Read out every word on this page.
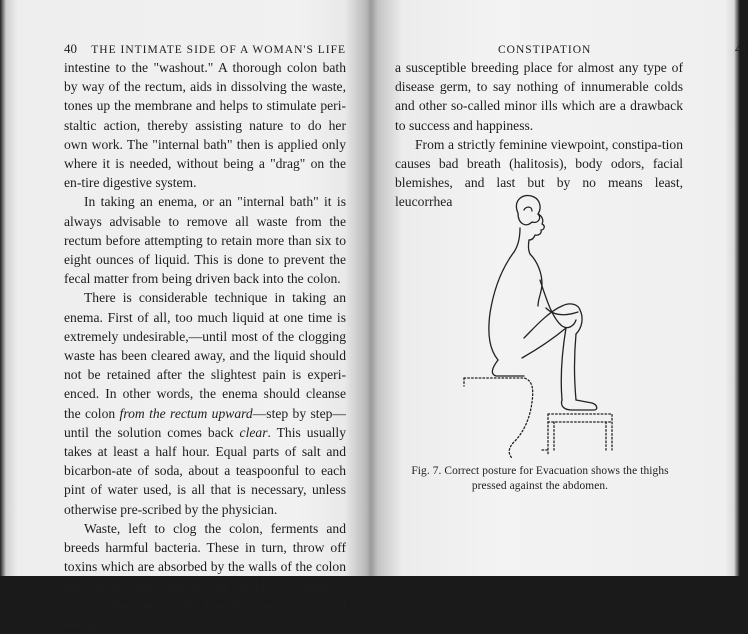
40 THE INTIMATE SIDE OF A WOMAN'S LIFE

intestine to the "washout." A thorough colon bath by way of the rectum, aids in dissolving the waste, tones up the membrane and helps to stimulate peri-staltic action, thereby assisting nature to do her own work. The "internal bath" then is applied only where it is needed, without being a "drag" on the en-tire digestive system.

In taking an enema, or an "internal bath" it is always advisable to remove all waste from the rectum before attempting to retain more than six to eight ounces of liquid. This is done to prevent the fecal matter from being driven back into the colon.

There is considerable technique in taking an enema. First of all, too much liquid at one time is extremely undesirable,—until most of the clogging waste has been cleared away, and the liquid should not be retained after the slightest pain is experi-enced. In other words, the enema should cleanse the colon from the rectum upward—step by step—until the solution comes back clear. This usually takes at least a half hour. Equal parts of salt and bicarbon-ate of soda, about a teaspoonful to each pint of water used, is all that is necessary, unless otherwise pre-scribed by the physician.

Waste, left to clog the colon, ferments and breeds harmful bacteria. These in turn, throw off toxins which are absorbed by the walls of the colon and finally reach and poison the blood stream. A system thus poisoned, has less resistance and becomes

CONSTIPATION	41

a susceptible breeding place for almost any type of disease germ, to say nothing of innumerable colds and other so-called minor ills which are a drawback to success and happiness.

From a strictly feminine viewpoint, constipa-tion causes bad breath (halitosis), body odors, facial blemishes, and last but by no means least, leucorrhea

Fig. 7. Correct posture for Evacuation shows the thighs
pressed against the abdomen.
